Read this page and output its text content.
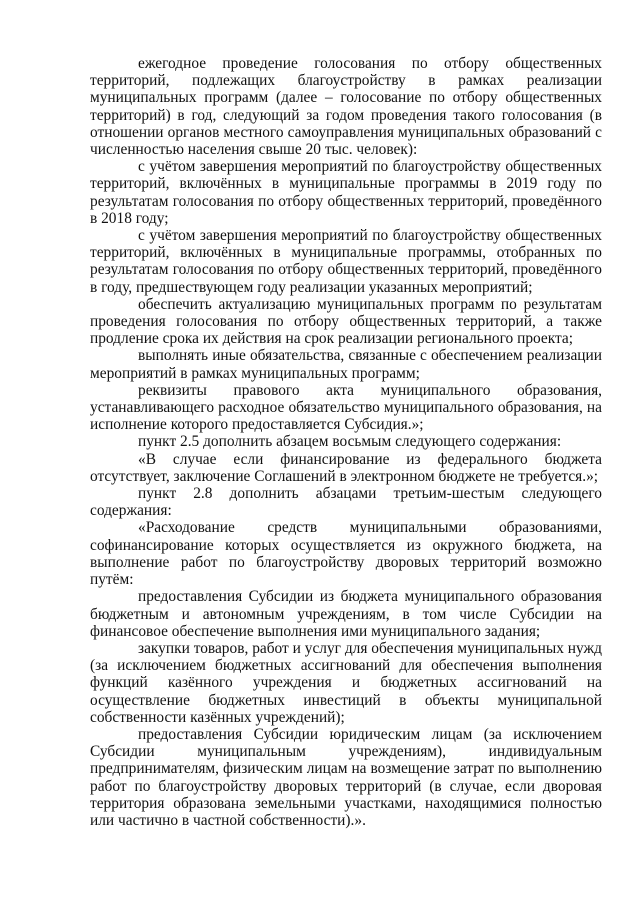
ежегодное проведение голосования по отбору общественных территорий, подлежащих благоустройству в рамках реализации муниципальных программ (далее – голосование по отбору общественных территорий) в год, следующий за годом проведения такого голосования (в отношении органов местного самоуправления муниципальных образований с численностью населения свыше 20 тыс. человек):

с учётом завершения мероприятий по благоустройству общественных территорий, включённых в муниципальные программы в 2019 году по результатам голосования по отбору общественных территорий, проведённого в 2018 году;

с учётом завершения мероприятий по благоустройству общественных территорий, включённых в муниципальные программы, отобранных по результатам голосования по отбору общественных территорий, проведённого в году, предшествующем году реализации указанных мероприятий;

обеспечить актуализацию муниципальных программ по результатам проведения голосования по отбору общественных территорий, а также продление срока их действия на срок реализации регионального проекта;

выполнять иные обязательства, связанные с обеспечением реализации мероприятий в рамках муниципальных программ;

реквизиты правового акта муниципального образования, устанавливающего расходное обязательство муниципального образования, на исполнение которого предоставляется Субсидия.»;

пункт 2.5 дополнить абзацем восьмым следующего содержания:

«В случае если финансирование из федерального бюджета отсутствует, заключение Соглашений в электронном бюджете не требуется.»;

пункт 2.8 дополнить абзацами третьим-шестым следующего содержания:

«Расходование средств муниципальными образованиями, софинансирование которых осуществляется из окружного бюджета, на выполнение работ по благоустройству дворовых территорий возможно путём:

предоставления Субсидии из бюджета муниципального образования бюджетным и автономным учреждениям, в том числе Субсидии на финансовое обеспечение выполнения ими муниципального задания;

закупки товаров, работ и услуг для обеспечения муниципальных нужд (за исключением бюджетных ассигнований для обеспечения выполнения функций казённого учреждения и бюджетных ассигнований на осуществление бюджетных инвестиций в объекты муниципальной собственности казённых учреждений);

предоставления Субсидии юридическим лицам (за исключением Субсидии муниципальным учреждениям), индивидуальным предпринимателям, физическим лицам на возмещение затрат по выполнению работ по благоустройству дворовых территорий (в случае, если дворовая территория образована земельными участками, находящимися полностью или частично в частной собственности).».
